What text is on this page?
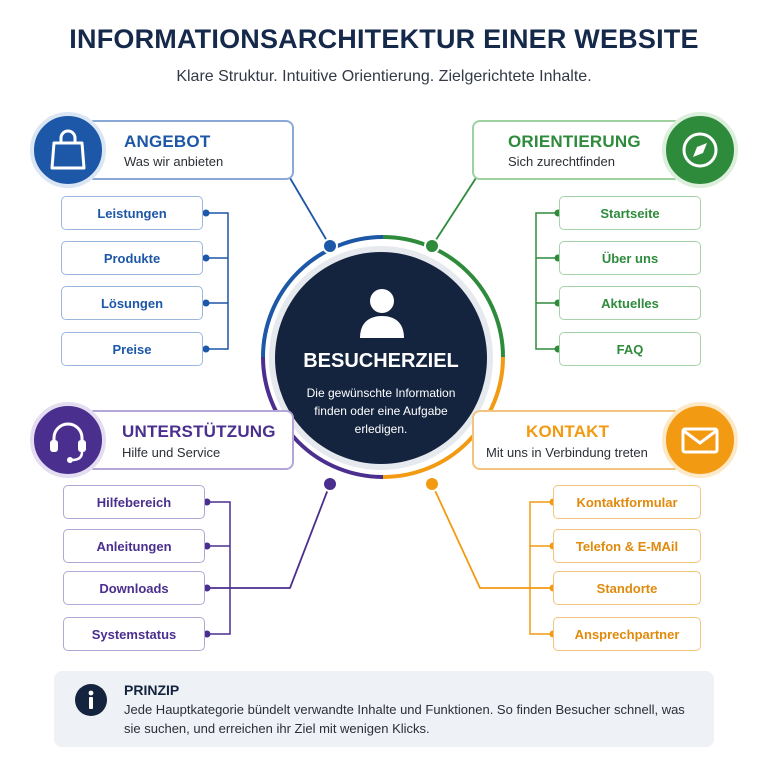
INFORMATIONSARCHITEKTUR EINER WEBSITE
Klare Struktur. Intuitive Orientierung. Zielgerichtete Inhalte.
BESUCHERZIEL
Die gewünschte Information finden oder eine Aufgabe erledigen.
ANGEBOT
Was wir anbieten
Leistungen
Produkte
Lösungen
Preise
ORIENTIERUNG
Sich zurechtfinden
Startseite
Über uns
Aktuelles
FAQ
UNTERSTÜTZUNG
Hilfe und Service
Hilfebereich
Anleitungen
Downloads
Systemstatus
KONTAKT
Mit uns in Verbindung treten
Kontaktformular
Telefon & E-MAil
Standorte
Ansprechpartner
PRINZIP
Jede Hauptkategorie bündelt verwandte Inhalte und Funktionen. So finden Besucher schnell, was sie suchen, und erreichen ihr Ziel mit wenigen Klicks.
